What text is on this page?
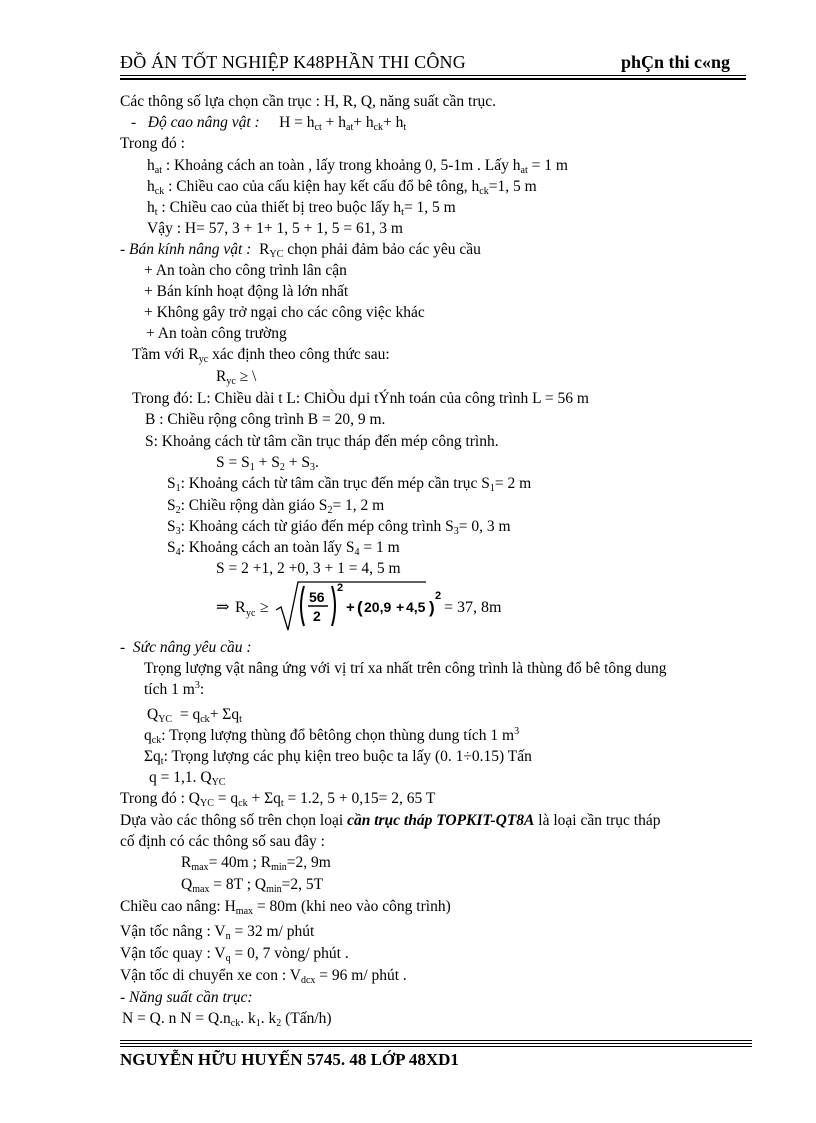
ĐỒ ÁN TỐT NGHIỆP K48PHẦN THI CÔNG	phÇn thi c«ng
Các thông số lựa chọn cần trục : H, R, Q, năng suất cần trục.
- Độ cao nâng vật :     $H = h_{ct} + h_{at}+ h_{ck}+ h_t$
Trong đó :
$h_{at}$ : Khoảng cách an toàn , lấy trong khoảng 0, 5-1m . Lấy $h_{at} = 1$ m
$h_{ck}$ : Chiều cao của cấu kiện hay kết cấu đổ bê tông, $h_{ck}=1$, 5 m
$h_t$ : Chiều cao của thiết bị treo buộc lấy $h_t= 1$, 5 m
Vậy : H= 57, 3 + 1+ 1, 5 + 1, 5 = 61, 3 m
- Bán kính nâng vật :  $R_{YC}$ chọn phải đảm bảo các yêu cầu
+ An toàn cho công trình lân cận
+ Bán kính hoạt động là lớn nhất
+ Không gây trở ngại cho các công việc khác
+ An toàn công trường
Tầm với $R_{yc}$ xác định theo công thức sau:
$R_{yc}$ ≥ \
Trong đó: L: Chiều dài t L: ChiÒu dµi tÝnh toán của công trình L = 56 m
B : Chiều rộng công trình B = 20, 9 m.
S: Khoảng cách từ tâm cần trục tháp đến mép công trình.
$S = S_1 + S_2 + S_3$.
$S_1$: Khoảng cách từ tâm cần trục đến mép cần trục $S_1= 2$ m
$S_2$: Chiều rộng dàn giáo $S_2= 1$, 2 m
$S_3$: Khoảng cách từ giáo đến mép công trình $S_3= 0$, 3 m
$S_4$: Khoảng cách an toàn lấy $S_4 = 1$ m
S = 2 +1, 2 +0, 3 + 1 = 4, 5 m
⇒ R yc ≥
56
2
2
+ ( 20,9 + 4,5 )
2
= 37, 8m
- Sức nâng yêu cầu :
Trọng lượng vật nâng ứng với vị trí xa nhất trên công trình là thùng đổ bê tông dung
tích 1 $m^3$:
$Q_{YC} = q_{ck}+ \Sigma q_t$
$q_{ck}$: Trọng lượng thùng đổ bêtông chọn thùng dung tích 1 $m^3$
$\Sigma q_t$: Trọng lượng các phụ kiện treo buộc ta lấy (0. 1÷0.15) Tấn
q = 1,1. $Q_{YC}$
Trong đó : $Q_{YC} = q_{ck} + \Sigma q_t = 1.2$, 5 + 0,15= 2, 65 T
Dựa vào các thông số trên chọn loại cần trục tháp TOPKIT-QT8A là loại cần trục tháp
cố định có các thông số sau đây :
$R_{max}= 40m$ ; $R_{min}=2$, 9m
$Q_{max} = 8T$ ; $Q_{min}=2$, 5T
Chiều cao nâng: $H_{max} = 80m$ (khi neo vào công trình)
Vận tốc nâng : $V_n = 32$ m/ phút
Vận tốc quay : $V_q = 0$, 7 vòng/ phút .
Vận tốc di chuyển xe con : $V_{dcx} = 96$ m/ phút .
- Năng suất cần trục:
N = Q. n $N = Q.n_{ck}$. $k_1$. $k_2$ (Tấn/h)
NGUYỄN HỮU HUYẾN 5745. 48 LỚP 48XD1
